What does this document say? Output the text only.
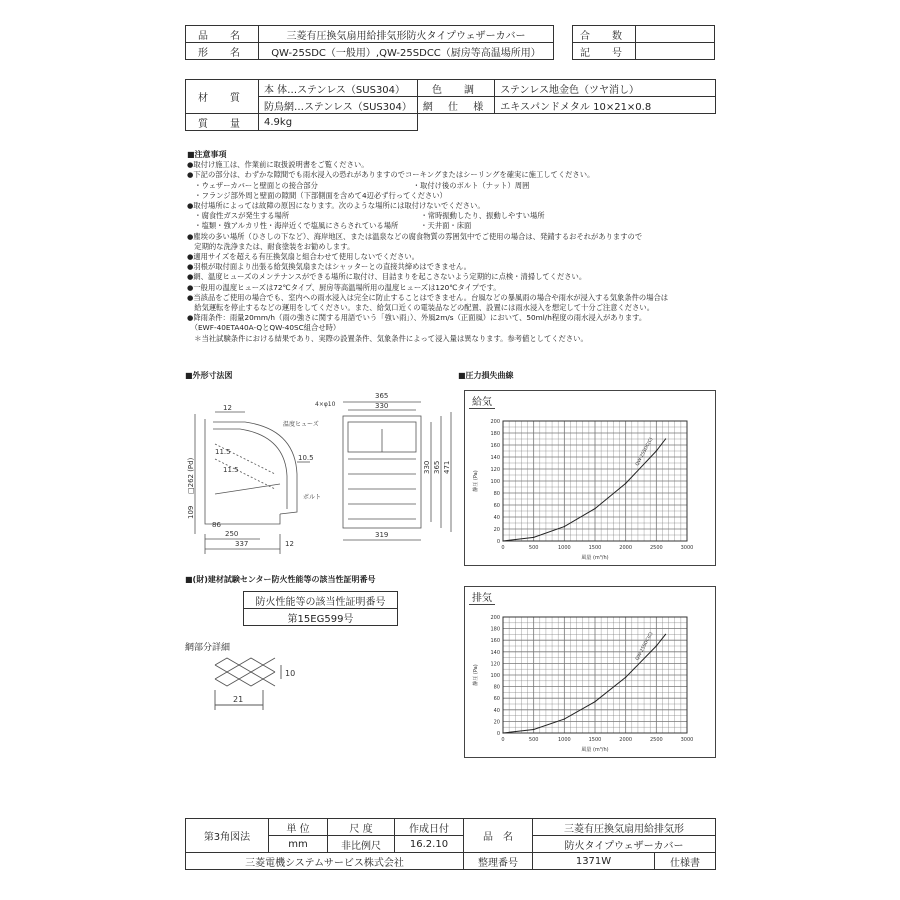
品　名	三菱有圧換気扇用給排気形防火タイプウェザーカバー
形　名	QW-25SDC（一般用）,QW-25SDCC（厨房等高温場所用）
合　数	
記　号	
材　質	本 体…ステンレス（SUS304）	色　調	ステンレス地金色（ツヤ消し）
	防鳥網…ステンレス（SUS304）	網 仕 様	エキスパンドメタル 10×21×0.8
質　量	4.9kg		
■注意事項
●取付け施工は、作業前に取扱説明書をご覧ください。
●下記の部分は、わずかな隙間でも雨水浸入の恐れがありますのでコーキングまたはシーリングを確実に施工してください。
　・ウェザーカバーと壁面との接合部分　　　　　　　　　　　　　・取付け後のボルト（ナット）周囲
　・フランジ部外周と壁面の隙間（下部側面を含めて4辺必ず行ってください）
●取付場所によっては故障の原因になります。次のような場所には取付けないでください。
　・腐食性ガスが発生する場所　　　　　　　　　　　　　　　　　　・常時振動したり、振動しやすい場所
　・塩類・強アルカリ性・海岸近くで塩風にさらされている場所　　　・天井面・床面
●塵埃の多い場所（ひさしの下など）、海岸地区、または温泉などの腐食物質の雰囲気中でご使用の場合は、発錆するおそれがありますので
　定期的な洗浄または、耐食塗装をお勧めします。
●適用サイズを超える有圧換気扇と組合わせて使用しないでください。
●羽根が取付面より出張る給気換気扇またはシャッターとの直接共締めはできません。
●網、温度ヒューズのメンテナンスができる場所に取付け、目詰まりを起こさないよう定期的に点検・清掃してください。
●一般用の温度ヒューズは72℃タイプ、厨房等高温場所用の温度ヒューズは120℃タイプです。
●当該品をご使用の場合でも、室内への雨水浸入は完全に防止することはできません。台風などの暴風雨の場合や雨水が浸入する気象条件の場合は
　給気運転を停止するなどの運用をしてください。また、給気口近くの電装品などの配置、設置には雨水浸入を想定して十分ご注意ください。
●降雨条件：雨量20mm/h（雨の強さに関する用語でいう「強い雨」）、外風2m/s（正面風）において、50ml/h程度の雨水浸入があります。
　（EWF-40ETA40A-QとQW-40SC組合せ時）
　＊当社試験条件における結果であり、実際の設置条件、気象条件によって浸入量は異なります。参考値としてください。
■外形寸法図	■圧力損失曲線
12
11.5
11.5
□262 (Pd)
109
86
250
337	12
10.5
温度ヒューズ
ボルト
4×φ10
365
330
330 365 471
319
給気
0
20
40
60
80
100
120
140
160
180
200
0	500	1000	1500	2000	2500	3000
静圧 (Pa)
風量 (m³/h)
QW-25SDC(C)
排気
0
20
40
60
80
100
120
140
160
180
200
0	500	1000	1500	2000	2500	3000
静圧 (Pa)
風量 (m³/h)
QW-25SDC(C)
■(財)建材試験センター防火性能等の該当性証明番号
防火性能等の該当性証明番号
第15EG599号
網部分詳細
10
21
第3角図法	単 位	尺 度	作成日付	品　名	三菱有圧換気扇用給排気形	
	mm	非比例尺	16.2.10		防火タイプウェザーカバー	
三菱電機システムサービス株式会社				整理番号	1371W	仕様書
